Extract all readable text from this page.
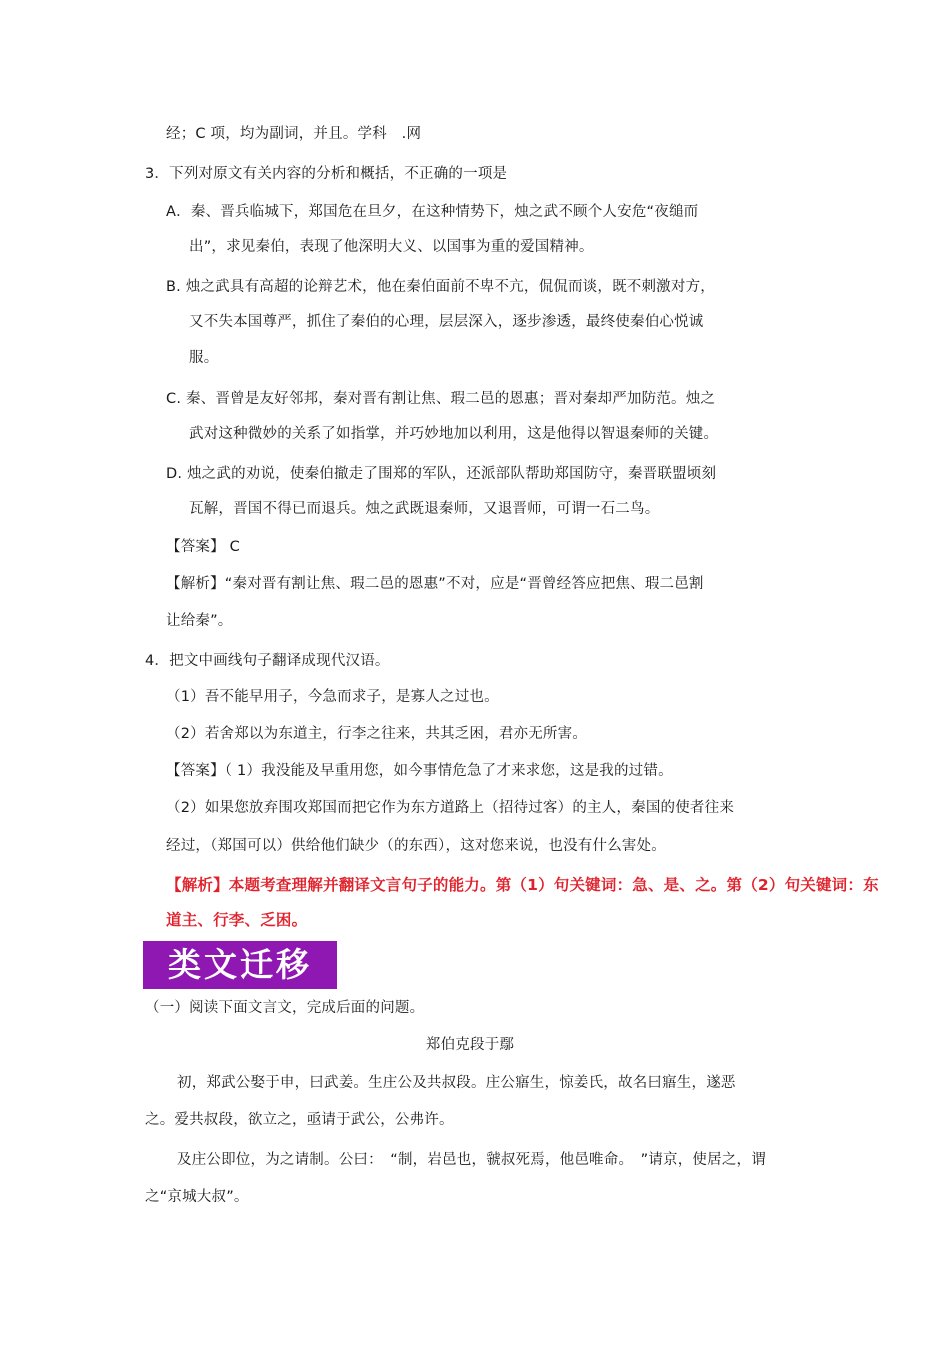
经；C 项，均为副词，并且。学科　.网
3．下列对原文有关内容的分析和概括，不正确的一项是
A．秦、晋兵临城下，郑国危在旦夕，在这种情势下，烛之武不顾个人安危“夜缒而
出”，求见秦伯，表现了他深明大义、以国事为重的爱国精神。
B. 烛之武具有高超的论辩艺术，他在秦伯面前不卑不亢，侃侃而谈，既不刺激对方，
又不失本国尊严，抓住了秦伯的心理，层层深入，逐步渗透，最终使秦伯心悦诚
服。
C. 秦、晋曾是友好邻邦，秦对晋有割让焦、瑕二邑的恩惠；晋对秦却严加防范。烛之
武对这种微妙的关系了如指掌，并巧妙地加以利用，这是他得以智退秦师的关键。
D. 烛之武的劝说，使秦伯撤走了围郑的军队，还派部队帮助郑国防守，秦晋联盟顷刻
瓦解，晋国不得已而退兵。烛之武既退秦师，又退晋师，可谓一石二鸟。
【答案】 C
【解析】“秦对晋有割让焦、瑕二邑的恩惠”不对，应是“晋曾经答应把焦、瑕二邑割
让给秦”。
4．把文中画线句子翻译成现代汉语。
（1）吾不能早用子，今急而求子，是寡人之过也。
（2）若舍郑以为东道主，行李之往来，共其乏困，君亦无所害。
【答案】（ 1）我没能及早重用您，如今事情危急了才来求您，这是我的过错。
（2）如果您放弃围攻郑国而把它作为东方道路上（招待过客）的主人，秦国的使者往来
经过，（郑国可以）供给他们缺少（的东西），这对您来说，也没有什么害处。
【解析】本题考查理解并翻译文言句子的能力。第（1）句关键词：急、是、之。第（2）句关键词：东
道主、行李、乏困。
类文迁移
（一）阅读下面文言文，完成后面的问题。
郑伯克段于鄢
初，郑武公娶于申，曰武姜。生庄公及共叔段。庄公寤生，惊姜氏，故名曰寤生，遂恶
之。爱共叔段，欲立之，亟请于武公，公弗许。
及庄公即位，为之请制。公曰：　“制，岩邑也，虢叔死焉，他邑唯命。　”请京，使居之，谓
之“京城大叔”。
